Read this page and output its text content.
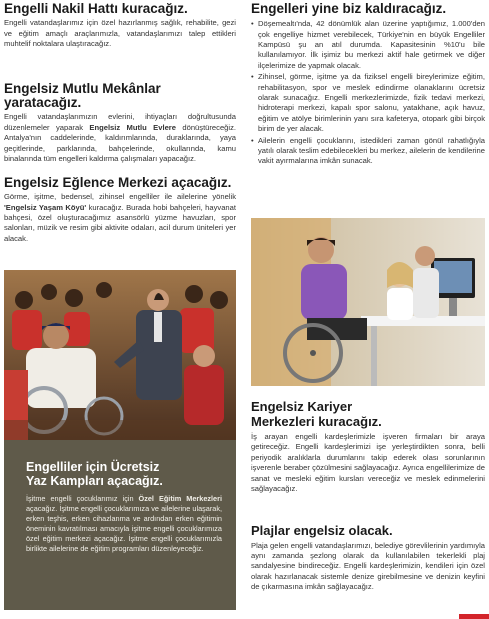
Engelli Nakil Hattı kuracağız.

Engelli vatandaşlarımız için özel hazırlanmış sağlık, rehabilite, gezi ve eğitim amaçlı araçlarımızla, vatandaşlarımızı talep ettikleri muhtelif noktalara ulaştıracağız.

Engelsiz Mutlu Mekânlar yaratacağız.

Engelli vatandaşlarımızın evlerini, ihtiyaçları doğrultusunda düzenlemeler yaparak Engelsiz Mutlu Evlere dönüştüreceğiz. Antalya'nın caddelerinde, kaldırımlarında, duraklarında, yaya geçitlerinde, parklarında, bahçelerinde, okullarında, kamu binalarında tüm engelleri kaldırma çalışmaları yapacağız.

Engelsiz Eğlence Merkezi açacağız.

Görme, işitme, bedensel, zihinsel engelliler ile ailelerine yönelik 'Engelsiz Yaşam Köyü' kuracağız. Burada hobi bahçeleri, hayvanat bahçesi, özel oluşturacağımız asansörlü yüzme havuzları, spor salonları, müzik ve resim gibi aktivite odaları, acil durum üniteleri yer alacak.

Engelliler için Ücretsiz
Yaz Kampları açacağız.

İşitme engelli çocuklarımız için Özel Eğitim Merkezleri açacağız. İşitme engelli çocuklarımıza ve ailelerine ulaşarak, erken teşhis, erken cihazlanma ve ardından erken eğitimin öneminin kavratılması amacıyla işitme engelli çocuklarımıza özel eğitim merkezi açacağız. İşitme engelli çocuklarımızla birlikte ailelerine de eğitim programları düzenleyeceğiz.

Engelleri yine biz kaldıracağız.
• Döşemealtı'nda, 42 dönümlük alan üzerine yaptığımız, 1.000'den çok engelliye hizmet verebilecek, Türkiye'nin en büyük Engelliler Kampüsü şu an atıl durumda. Kapasitesinin %10'u bile kullanılamıyor. İlk işimiz bu merkezi aktif hale getirmek ve diğer ilçelerimize de yapmak olacak.
• Zihinsel, görme, işitme ya da fiziksel engelli bireylerimize eğitim, rehabilitasyon, spor ve meslek edindirme olanaklarını ücretsiz olarak sunacağız. Engelli merkezlerimizde, fizik tedavi merkezi, hidroterapi merkezi, kapalı spor salonu, yatakhane, açık havuz, eğitim ve atölye birimlerinin yanı sıra kafeterya, otopark gibi birçok birim de yer alacak.
• Ailelerin engelli çocuklarını, istedikleri zaman gönül rahatlığıyla yatılı olarak teslim edebilecekleri bu merkez, ailelerin de kendilerine vakit ayırmalarına imkân sunacak.
Engelsiz Kariyer
Merkezleri kuracağız.

İş arayan engelli kardeşlerimizle işveren firmaları bir araya getireceğiz. Engelli kardeşlerimizi işe yerleştirdikten sonra, belli periyodik aralıklarla durumlarını takip ederek olası sorunlarının işverenle beraber çözülmesini sağlayacağız. Ayrıca engellilerimize de sanat ve mesleki eğitim kursları vereceğiz ve meslek edinmelerini sağlayacağız.

Plajlar engelsiz olacak.

Plaja gelen engelli vatandaşlarımızı, belediye görevlilerinin yardımıyla aynı zamanda şezlong olarak da kullanılabilen tekerlekli plaj sandalyesine bindireceğiz. Engelli kardeşlerimizin, kendileri için özel olarak hazırlanacak sistemle denize girebilmesine ve denizin keyfini de çıkarmasına imkân sağlayacağız.
